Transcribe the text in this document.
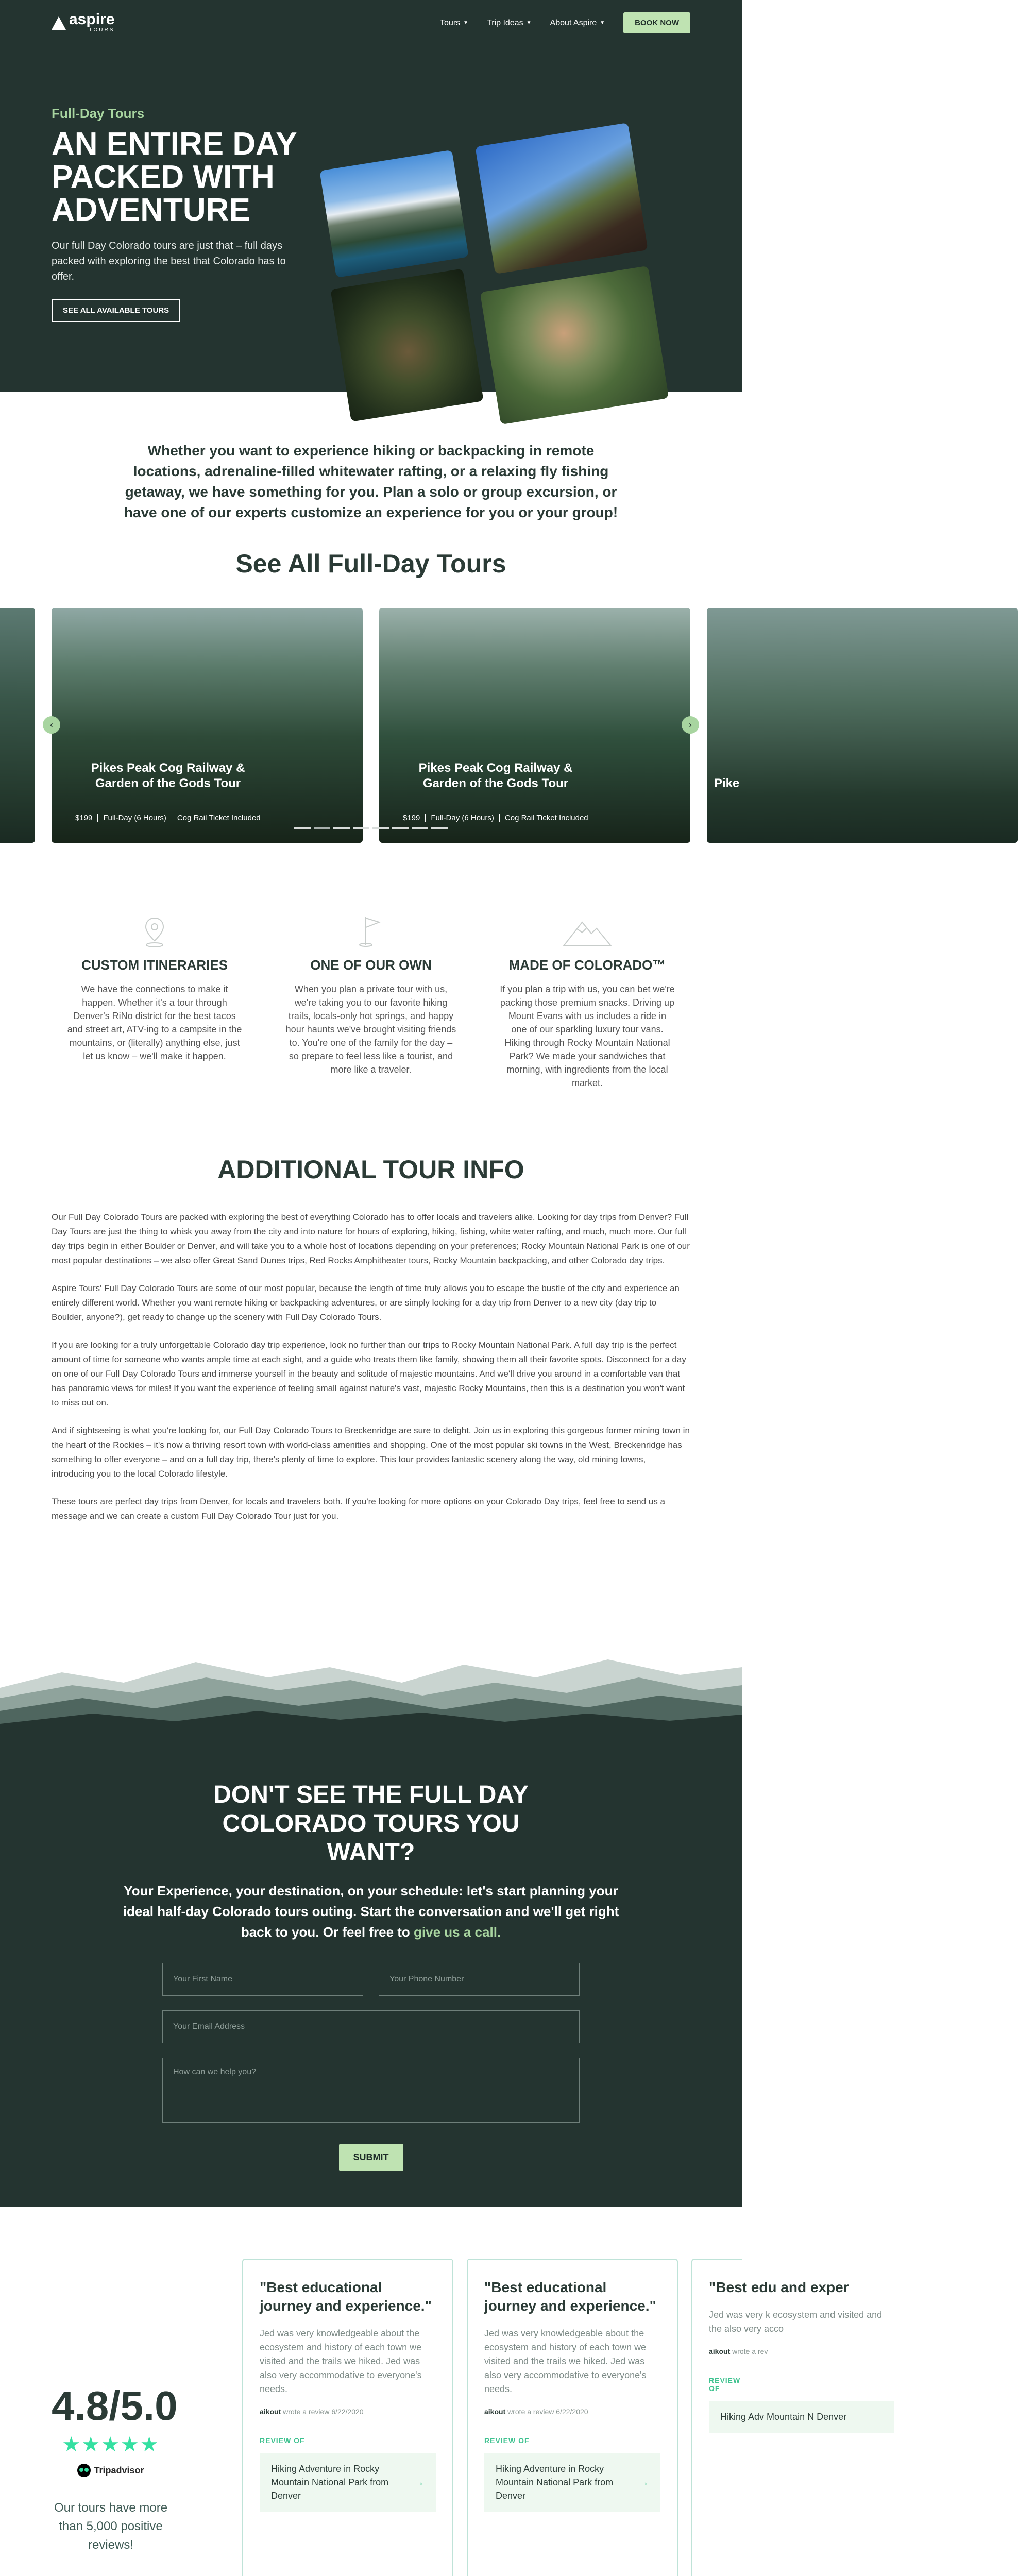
aspire
TOURS
Tours ▼ Trip Ideas ▼ About Aspire ▼	BOOK NOW
Full-Day Tours
AN ENTIRE DAY PACKED WITH ADVENTURE

Our full Day Colorado tours are just that – full days packed with exploring the best that Colorado has to offer.

SEE ALL AVAILABLE TOURS

Whether you want to experience hiking or backpacking in remote locations, adrenaline-filled whitewater rafting, or a relaxing fly fishing getaway, we have something for you. Plan a solo or group excursion, or have one of our experts customize an experience for you or your group!

See All Full-Day Tours
Pikes Peak Cog Railway & Garden of the Gods Tour
$199	Full-Day (6 Hours)	Cog Rail Ticket Included
Pikes Peak Cog Railway & Garden of the Gods Tour
$199	Full-Day (6 Hours)	Cog Rail Ticket Included
Pike
‹	›
CUSTOM ITINERARIES

We have the connections to make it happen. Whether it's a tour through Denver's RiNo district for the best tacos and street art, ATV-ing to a campsite in the mountains, or (literally) anything else, just let us know – we'll make it happen.

ONE OF OUR OWN

When you plan a private tour with us, we're taking you to our favorite hiking trails, locals-only hot springs, and happy hour haunts we've brought visiting friends to. You're one of the family for the day – so prepare to feel less like a tourist, and more like a traveler.

MADE OF COLORADO™

If you plan a trip with us, you can bet we're packing those premium snacks. Driving up Mount Evans with us includes a ride in one of our sparkling luxury tour vans. Hiking through Rocky Mountain National Park? We made your sandwiches that morning, with ingredients from the local market.

ADDITIONAL TOUR INFO

Our Full Day Colorado Tours are packed with exploring the best of everything Colorado has to offer locals and travelers alike. Looking for day trips from Denver? Full Day Tours are just the thing to whisk you away from the city and into nature for hours of exploring, hiking, fishing, white water rafting, and much, much more. Our full day trips begin in either Boulder or Denver, and will take you to a whole host of locations depending on your preferences; Rocky Mountain National Park is one of our most popular destinations – we also offer Great Sand Dunes trips, Red Rocks Amphitheater tours, Rocky Mountain backpacking, and other Colorado day trips.

Aspire Tours' Full Day Colorado Tours are some of our most popular, because the length of time truly allows you to escape the bustle of the city and experience an entirely different world. Whether you want remote hiking or backpacking adventures, or are simply looking for a day trip from Denver to a new city (day trip to Boulder, anyone?), get ready to change up the scenery with Full Day Colorado Tours.

If you are looking for a truly unforgettable Colorado day trip experience, look no further than our trips to Rocky Mountain National Park. A full day trip is the perfect amount of time for someone who wants ample time at each sight, and a guide who treats them like family, showing them all their favorite spots. Disconnect for a day on one of our Full Day Colorado Tours and immerse yourself in the beauty and solitude of majestic mountains. And we'll drive you around in a comfortable van that has panoramic views for miles! If you want the experience of feeling small against nature's vast, majestic Rocky Mountains, then this is a destination you won't want to miss out on.

And if sightseeing is what you're looking for, our Full Day Colorado Tours to Breckenridge are sure to delight. Join us in exploring this gorgeous former mining town in the heart of the Rockies – it's now a thriving resort town with world-class amenities and shopping. One of the most popular ski towns in the West, Breckenridge has something to offer everyone – and on a full day trip, there's plenty of time to explore. This tour provides fantastic scenery along the way, old mining towns, introducing you to the local Colorado lifestyle.

These tours are perfect day trips from Denver, for locals and travelers both. If you're looking for more options on your Colorado Day trips, feel free to send us a message and we can create a custom Full Day Colorado Tour just for you.

DON'T SEE THE FULL DAY COLORADO TOURS YOU WANT?

Your Experience, your destination, on your schedule: let's start planning your ideal half-day Colorado tours outing. Start the conversation and we'll get right back to you. Or feel free to give us a call.

Your First Name
Your Phone Number
Your Email Address
How can we help you?
SUBMIT
4.8/5.0
★★★★★
Tripadvisor

Our tours have more than 5,000 positive reviews!

"Best educational journey and experience."

Jed was very knowledgeable about the ecosystem and history of each town we visited and the trails we hiked. Jed was also very accommodative to everyone's needs.

aikout wrote a review 6/22/2020

REVIEW OF
Hiking Adventure in Rocky Mountain National Park from Denver
→
"Best educational journey and experience."

Jed was very knowledgeable about the ecosystem and history of each town we visited and the trails we hiked. Jed was also very accommodative to everyone's needs.

aikout wrote a review 6/22/2020

REVIEW OF
Hiking Adventure in Rocky Mountain National Park from Denver
→
"Best edu and exper

Jed was very k ecosystem and visited and the also very acco

aikout wrote a rev

REVIEW OF
Hiking Adv Mountain N Denver
